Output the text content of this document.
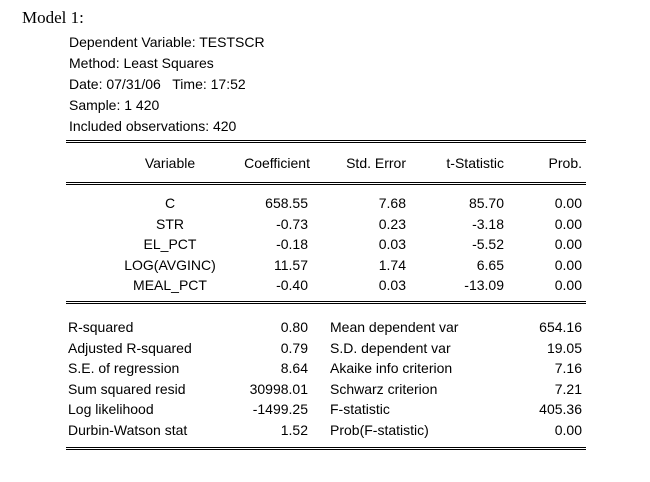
Model 1:
Dependent Variable: TESTSCR
Method: Least Squares
Date: 07/31/06   Time: 17:52
Sample: 1 420
Included observations: 420
Variable	Coefficient	Std. Error	t-Statistic	Prob.
C	658.55	7.68	85.70	0.00
STR	-0.73	0.23	-3.18	0.00
EL_PCT	-0.18	0.03	-5.52	0.00
LOG(AVGINC)	11.57	1.74	6.65	0.00
MEAL_PCT	-0.40	0.03	-13.09	0.00
R-squared	0.80 Mean dependent var	654.16
Adjusted R-squared	0.79 S.D. dependent var	19.05
S.E. of regression	8.64 Akaike info criterion	7.16
Sum squared resid	30998.01 Schwarz criterion	7.21
Log likelihood	-1499.25 F-statistic	405.36
Durbin-Watson stat	1.52 Prob(F-statistic)	0.00
